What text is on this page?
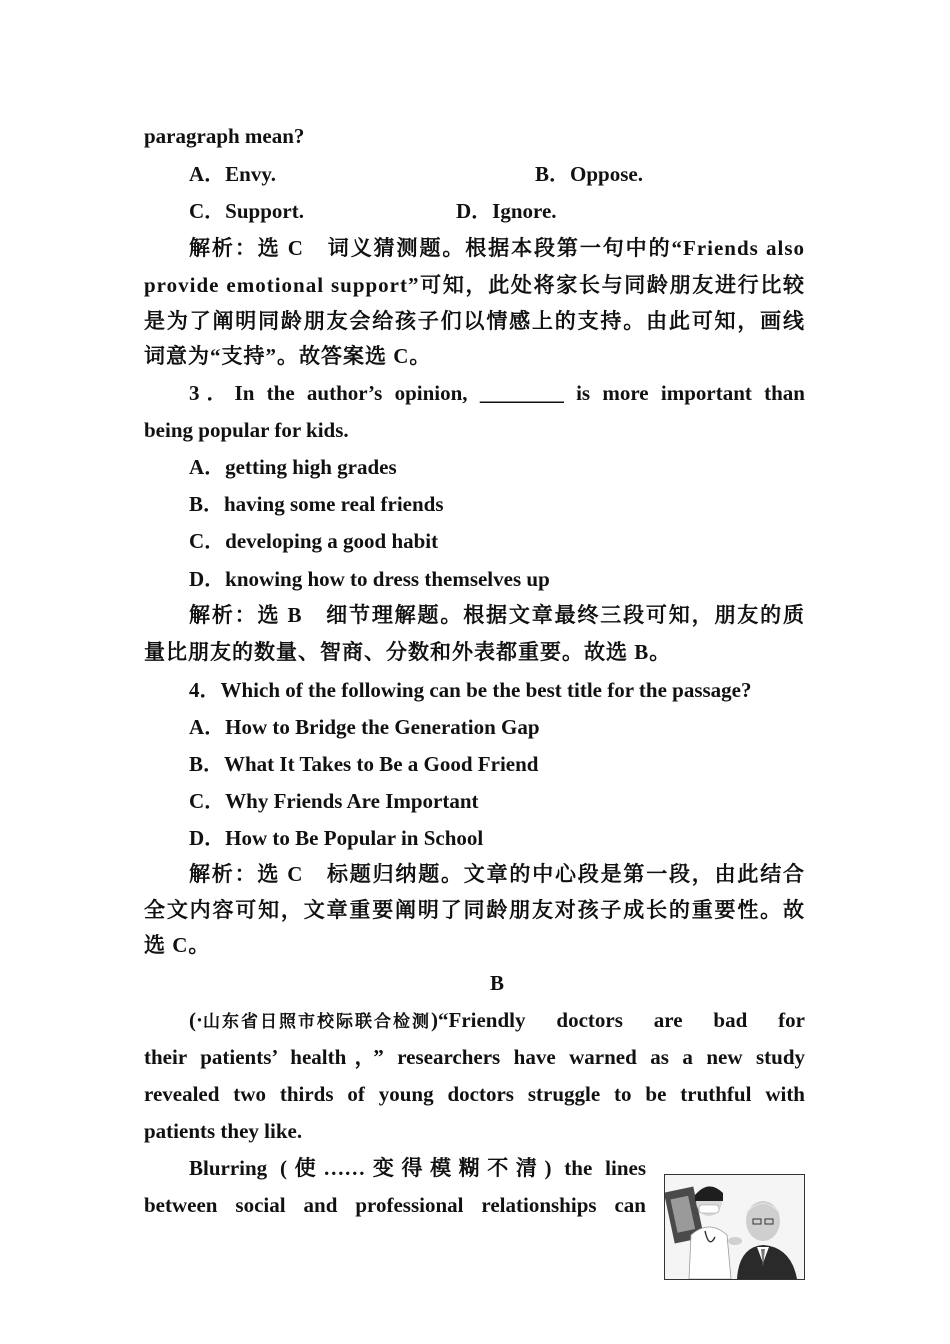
paragraph mean?
A．Envy.	B．Oppose.
C．Support.	D．Ignore.
解析：选 C　词义猜测题。根据本段第一句中的“Friends also
provide emotional support”可知，此处将家长与同龄朋友进行比较
是为了阐明同龄朋友会给孩子们以情感上的支持。由此可知，画线
词意为“支持”。故答案选 C。
3．In the author’s opinion, ________ is more important than
being popular for kids.
A．getting high grades
B．having some real friends
C．developing a good habit
D．knowing how to dress themselves up
解析：选 B　细节理解题。根据文章最终三段可知，朋友的质
量比朋友的数量、智商、分数和外表都重要。故选 B。
4．Which of the following can be the best title for the passage?
A．How to Bridge the Generation Gap
B．What It Takes to Be a Good Friend
C．Why Friends Are Important
D．How to Be Popular in School
解析：选 C　标题归纳题。文章的中心段是第一段，由此结合
全文内容可知，文章重要阐明了同龄朋友对孩子成长的重要性。故
选 C。
B
(· 山东省日照市校际联合检测 ) “Friendly doctors are bad for
their patients’ health，” researchers have warned as a new study
revealed two thirds of young doctors struggle to be truthful with
patients they like.
Blurring (使……变得模糊不清) the lines
between social and professional relationships can
